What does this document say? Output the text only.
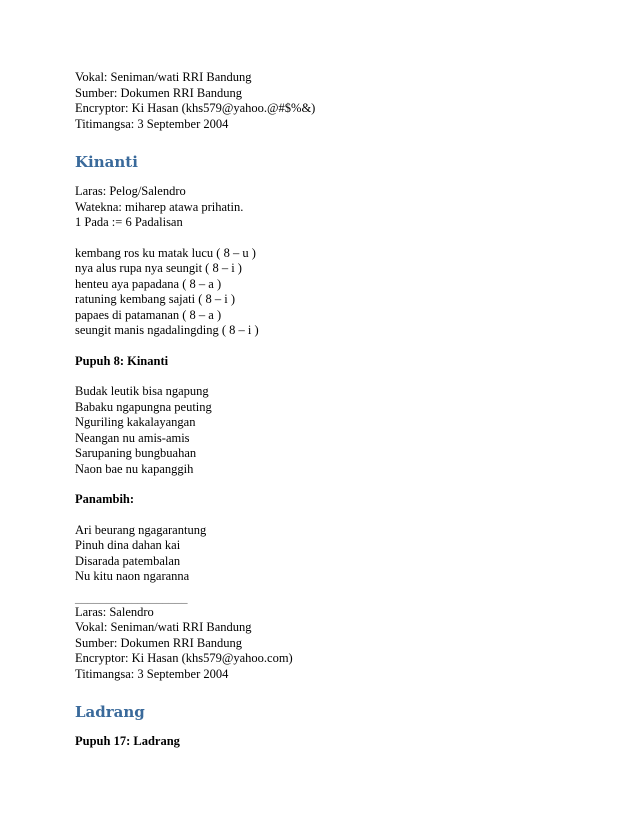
Vokal: Seniman/wati RRI Bandung
Sumber: Dokumen RRI Bandung
Encryptor: Ki Hasan (khs579@yahoo.@#$%&)
Titimangsa: 3 September 2004
Kinanti
Laras: Pelog/Salendro
Watekna: miharep atawa prihatin.
1 Pada := 6 Padalisan
kembang ros ku matak lucu ( 8 – u )
nya alus rupa nya seungit ( 8 – i )
henteu aya papadana ( 8 – a )
ratuning kembang sajati ( 8 – i )
papaes di patamanan ( 8 – a )
seungit manis ngadalingding ( 8 – i )
Pupuh 8: Kinanti
Budak leutik bisa ngapung
Babaku ngapungna peuting
Nguriling kakalayangan
Neangan nu amis-amis
Sarupaning bungbuahan
Naon bae nu kapanggih
Panambih:
Ari beurang ngagarantung
Pinuh dina dahan kai
Disarada patembalan
Nu kitu naon ngaranna
__________________
Laras: Salendro
Vokal: Seniman/wati RRI Bandung
Sumber: Dokumen RRI Bandung
Encryptor: Ki Hasan (khs579@yahoo.com)
Titimangsa: 3 September 2004
Ladrang
Pupuh 17: Ladrang
